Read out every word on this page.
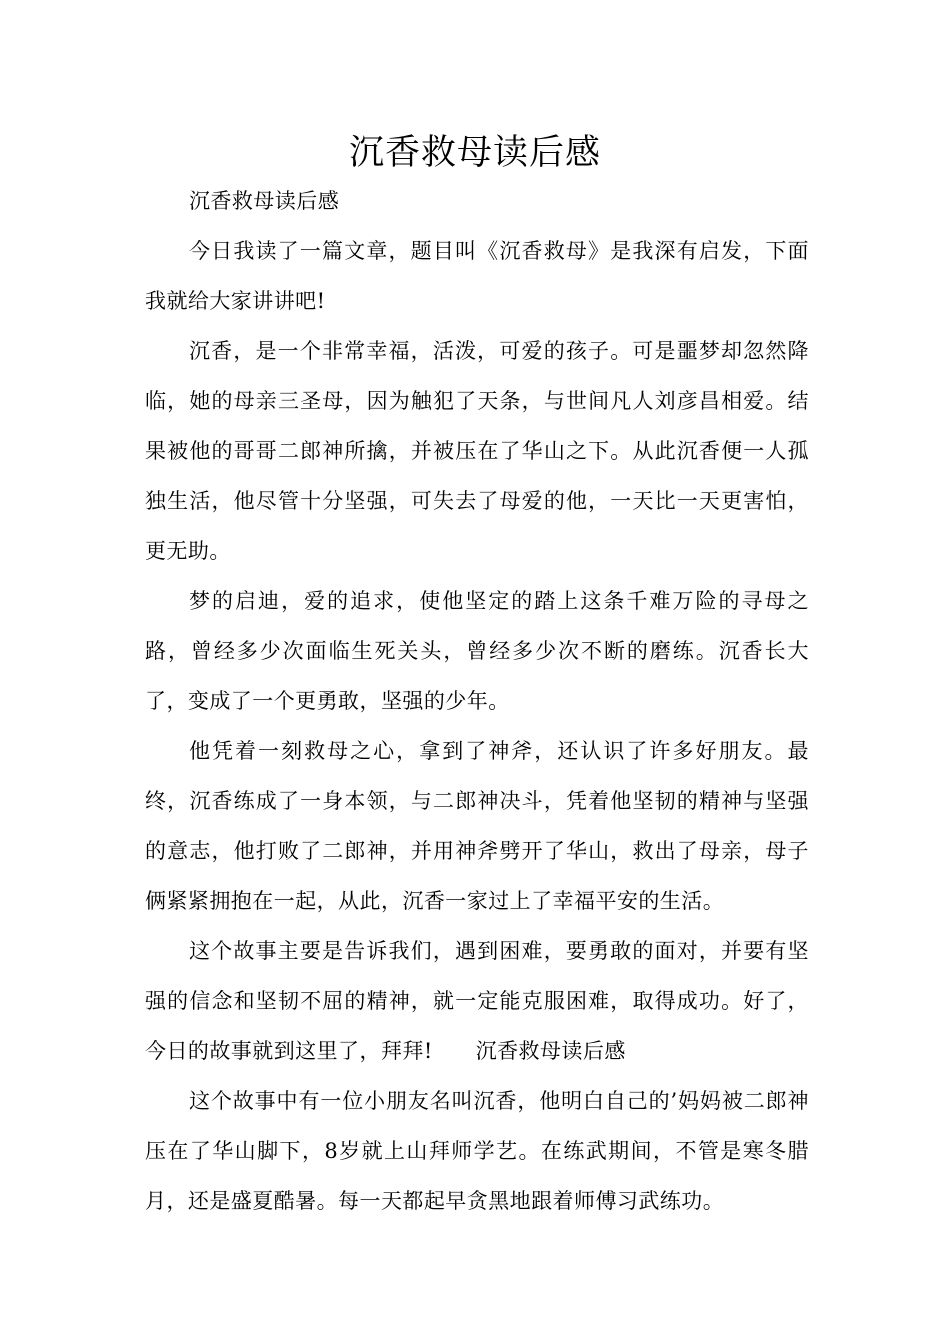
沉香救母读后感

沉香救母读后感

今日我读了一篇文章，题目叫《沉香救母》是我深有启发，下面我就给大家讲讲吧!

沉香，是一个非常幸福，活泼，可爱的孩子。可是噩梦却忽然降临，她的母亲三圣母，因为触犯了天条，与世间凡人刘彦昌相爱。结果被他的哥哥二郎神所擒，并被压在了华山之下。从此沉香便一人孤独生活，他尽管十分坚强，可失去了母爱的他，一天比一天更害怕，更无助。

梦的启迪，爱的追求，使他坚定的踏上这条千难万险的寻母之路，曾经多少次面临生死关头，曾经多少次不断的磨练。沉香长大了，变成了一个更勇敢，坚强的少年。

他凭着一刻救母之心，拿到了神斧，还认识了许多好朋友。最终，沉香练成了一身本领，与二郎神决斗，凭着他坚韧的精神与坚强的意志，他打败了二郎神，并用神斧劈开了华山，救出了母亲，母子俩紧紧拥抱在一起，从此，沉香一家过上了幸福平安的生活。

这个故事主要是告诉我们，遇到困难，要勇敢的面对，并要有坚强的信念和坚韧不屈的精神，就一定能克服困难，取得成功。好了，今日的故事就到这里了，拜拜!　　沉香救母读后感

这个故事中有一位小朋友名叫沉香，他明白自己的’妈妈被二郎神压在了华山脚下，8岁就上山拜师学艺。在练武期间，不管是寒冬腊月，还是盛夏酷暑。每一天都起早贪黑地跟着师傅习武练功。
